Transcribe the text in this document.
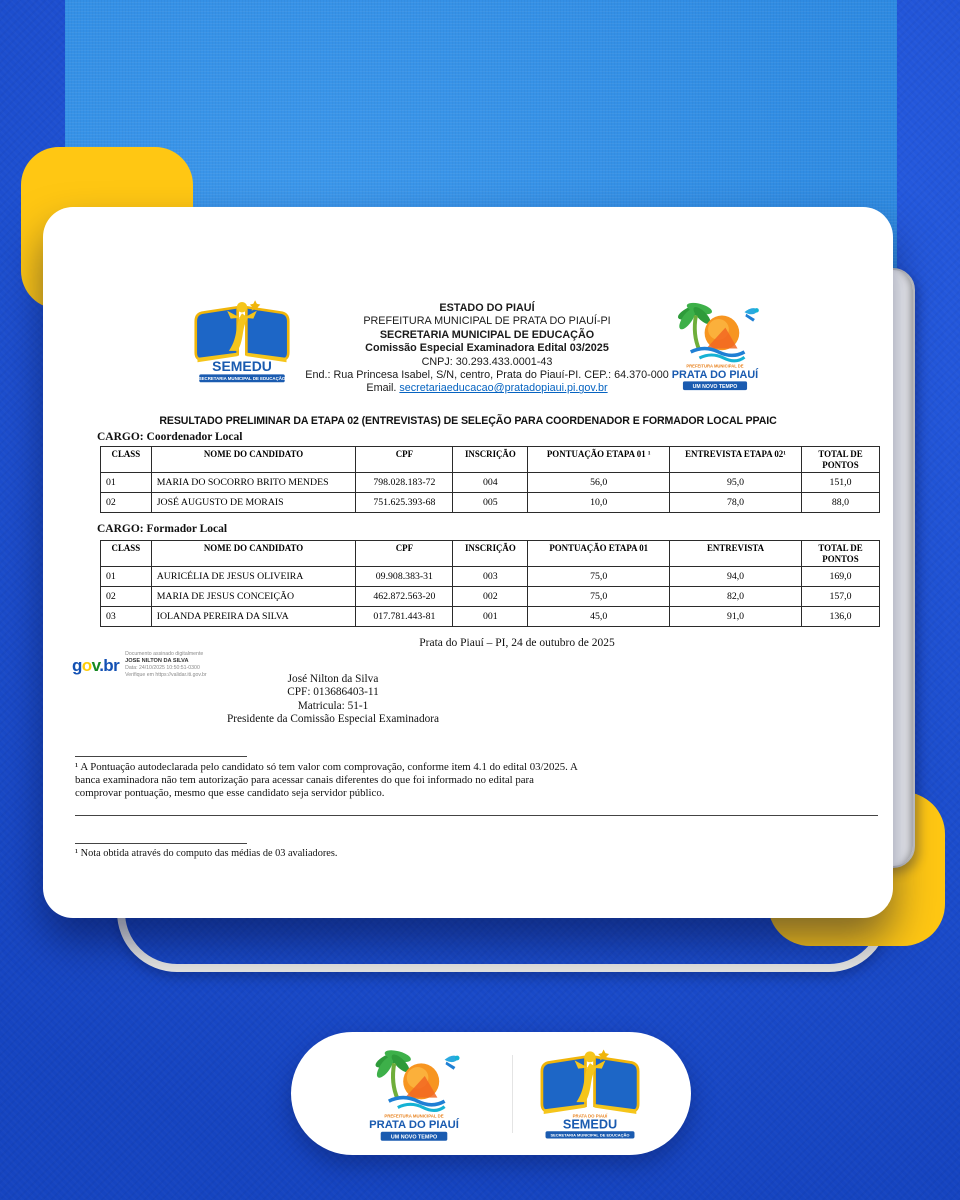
SEMEDU
SECRETARIA MUNICIPAL DE EDUCAÇÃO
ESTADO DO PIAUÍ
PREFEITURA MUNICIPAL DE PRATA DO PIAUÍ-PI
SECRETARIA MUNICIPAL DE EDUCAÇÃO
Comissão Especial Examinadora Edital 03/2025
CNPJ: 30.293.433.0001-43
End.: Rua Princesa Isabel, S/N, centro, Prata do Piauí-PI. CEP.: 64.370-000
Email. secretariaeducacao@pratadopiaui.pi.gov.br
PREFEITURA MUNICIPAL DE
PRATA DO PIAUÍ
UM NOVO TEMPO
RESULTADO PRELIMINAR DA ETAPA 02 (ENTREVISTAS) DE SELEÇÃO PARA COORDENADOR E FORMADOR LOCAL PPAIC
CARGO: Coordenador Local
CLASS	NOME DO CANDIDATO	CPF	INSCRIÇÃO	PONTUAÇÃO ETAPA 01 ¹	ENTREVISTA ETAPA 02¹	TOTAL DE PONTOS
01	MARIA DO SOCORRO BRITO MENDES	798.028.183-72	004	56,0	95,0	151,0
02	JOSÉ AUGUSTO DE MORAIS	751.625.393-68	005	10,0	78,0	88,0
CARGO: Formador Local
CLASS	NOME DO CANDIDATO	CPF	INSCRIÇÃO	PONTUAÇÃO ETAPA 01	ENTREVISTA	TOTAL DE PONTOS
01	AURICÉLIA DE JESUS OLIVEIRA	09.908.383-31	003	75,0	94,0	169,0
02	MARIA DE JESUS CONCEIÇÃO	462.872.563-20	002	75,0	82,0	157,0
03	IOLANDA PEREIRA DA SILVA	017.781.443-81	001	45,0	91,0	136,0
Prata do Piauí – PI, 24 de outubro de 2025
gov.br
Documento assinado digitalmente
JOSE NILTON DA SILVA
Data: 24/10/2025 10:50:51-0300
Verifique em https://validar.iti.gov.br	José Nilton da Silva
CPF: 013686403-11
Matricula: 51-1
Presidente da Comissão Especial Examinadora
¹ A Pontuação autodeclarada pelo candidato só tem valor com comprovação, conforme item 4.1 do edital 03/2025. A banca examinadora não tem autorização para acessar canais diferentes do que foi informado no edital para comprovar pontuação, mesmo que esse candidato seja servidor público.
¹ Nota obtida através do computo das médias de 03 avaliadores.
PREFEITURA MUNICIPAL DE
PRATA DO PIAUÍ
UM NOVO TEMPO
PRATA DO PIAUÍ
SEMEDU
SECRETARIA MUNICIPAL DE EDUCAÇÃO
